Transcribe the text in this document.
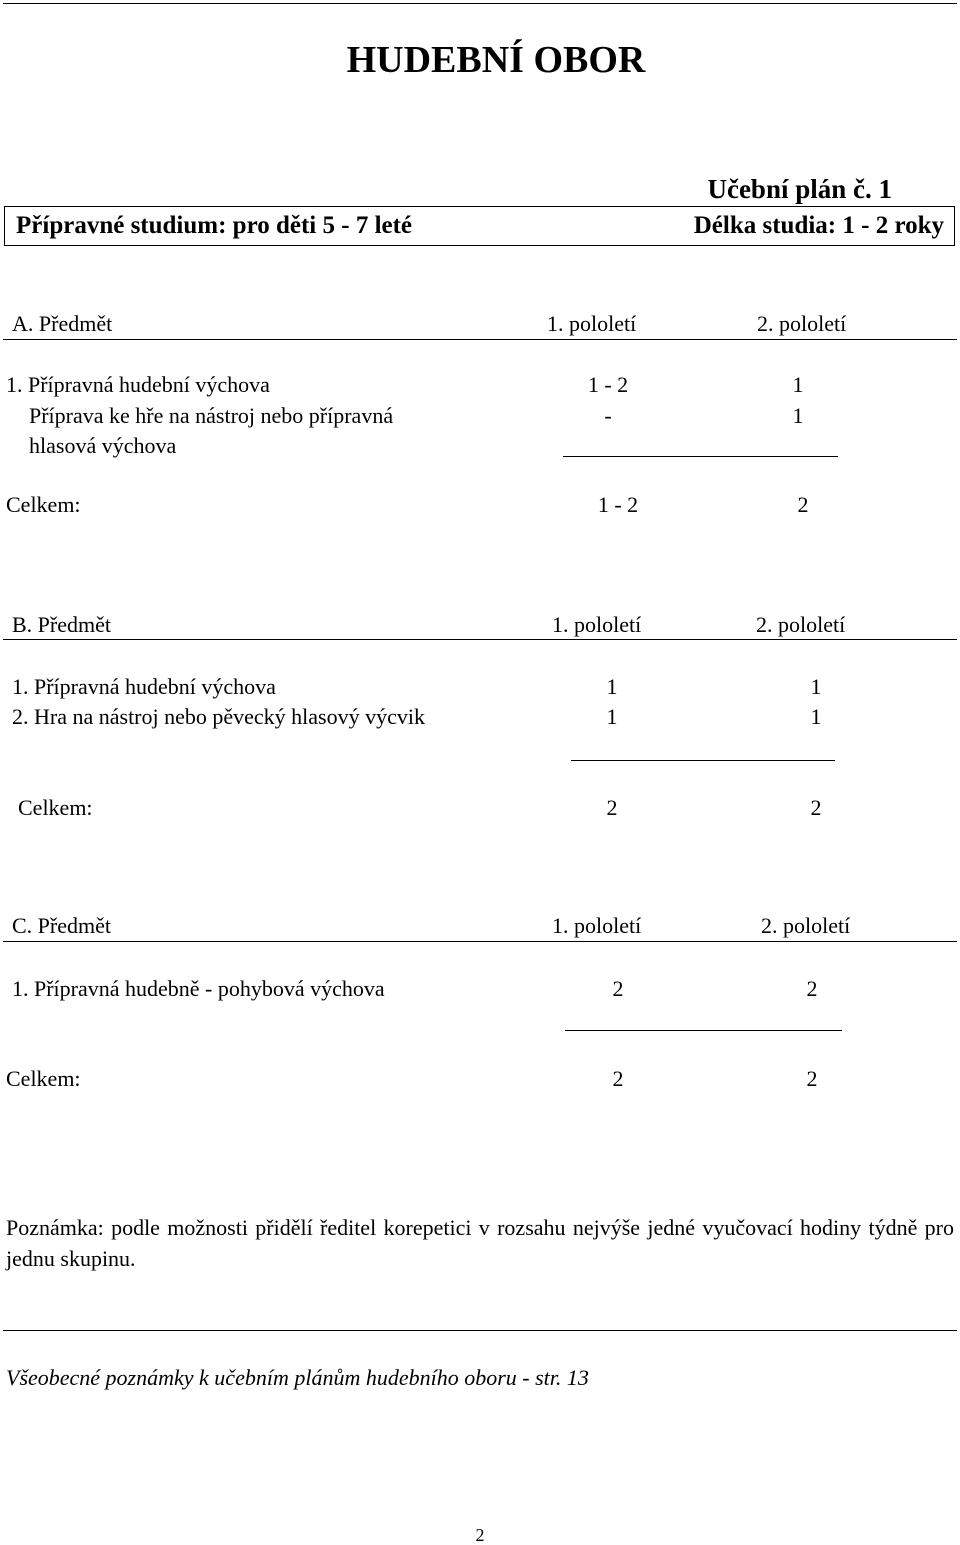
HUDEBNÍ OBOR
Učební plán č. 1
Přípravné studium: pro děti 5 - 7 leté	Délka studia: 1 - 2 roky
A. Předmět	1. pololetí	2. pololetí
1. Přípravná hudební výchova	1 - 2	1
Příprava ke hře na nástroj nebo přípravná	-	1
hlasová výchova
Celkem:	1 - 2	2
B. Předmět	1. pololetí	2. pololetí
1. Přípravná hudební výchova	1	1
2. Hra na nástroj nebo pěvecký hlasový výcvik	1	1
Celkem:	2	2
C. Předmět	1. pololetí	2. pololetí
1. Přípravná hudebně - pohybová výchova	2	2
Celkem:	2	2
Poznámka: podle možnosti přidělí ředitel korepetici v rozsahu nejvýše jedné vyučovací hodiny týdně pro jednu skupinu.
Všeobecné poznámky k učebním plánům hudebního oboru - str. 13
2
